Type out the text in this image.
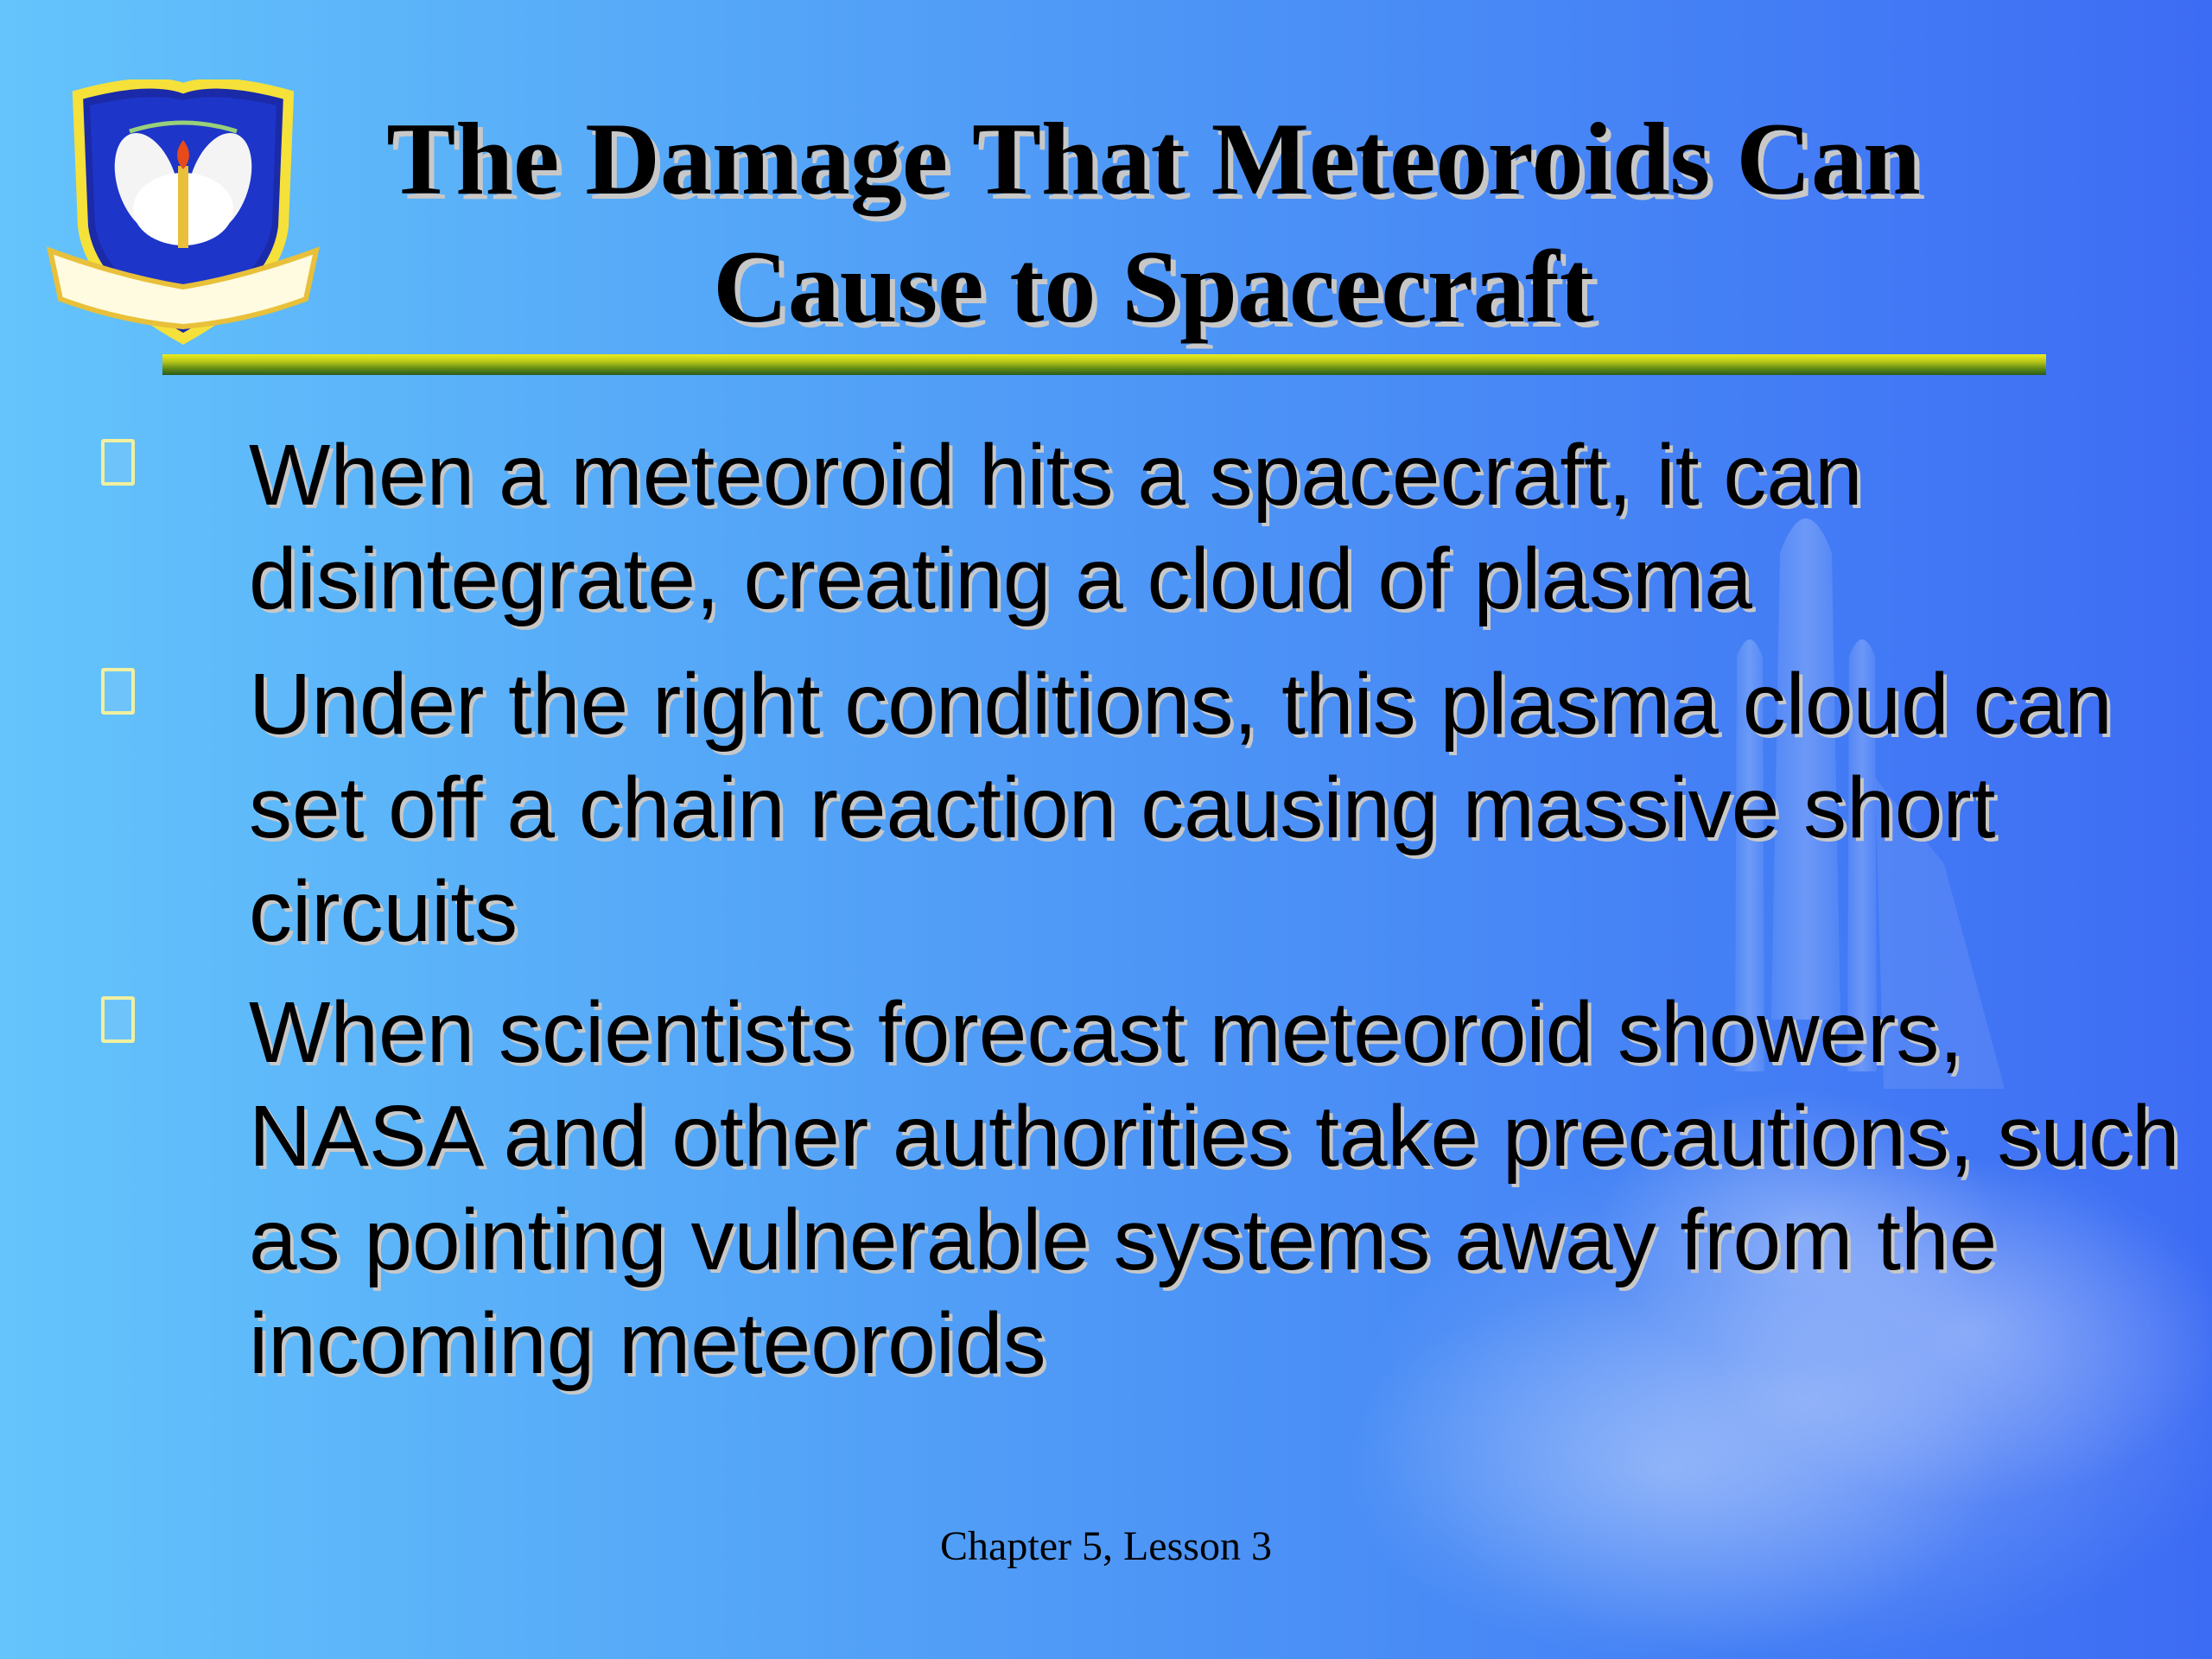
The Damage That Meteoroids Can Cause to Spacecraft

When a meteoroid hits a spacecraft, it can disintegrate, creating a cloud of plasma

Under the right conditions, this plasma cloud can set off a chain reaction causing massive short circuits

When scientists forecast meteoroid showers, NASA and other authorities take precautions, such as pointing vulnerable systems away from the incoming meteoroids

Chapter 5, Lesson 3
